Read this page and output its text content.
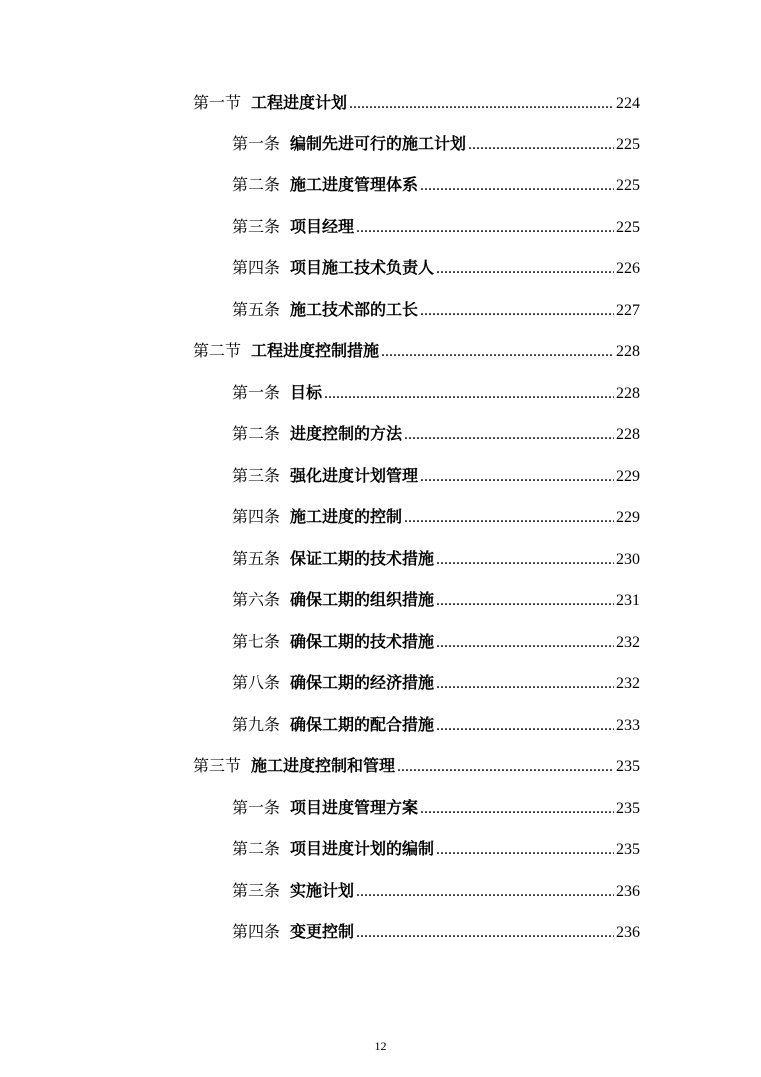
第一节 工程进度计划 .....	224
第一条 编制先进可行的施工计划 .....	225
第二条 施工进度管理体系 .....	225
第三条 项目经理 .....	225
第四条 项目施工技术负责人 .....	226
第五条 施工技术部的工长 .....	227
第二节 工程进度控制措施 .....	228
第一条 目标 .....	228
第二条 进度控制的方法 .....	228
第三条 强化进度计划管理 .....	229
第四条 施工进度的控制 .....	229
第五条 保证工期的技术措施 .....	230
第六条 确保工期的组织措施 .....	231
第七条 确保工期的技术措施 .....	232
第八条 确保工期的经济措施 .....	232
第九条 确保工期的配合措施 .....	233
第三节 施工进度控制和管理 .....	235
第一条 项目进度管理方案 .....	235
第二条 项目进度计划的编制 .....	235
第三条 实施计划 .....	236
第四条 变更控制 .....	236
12
